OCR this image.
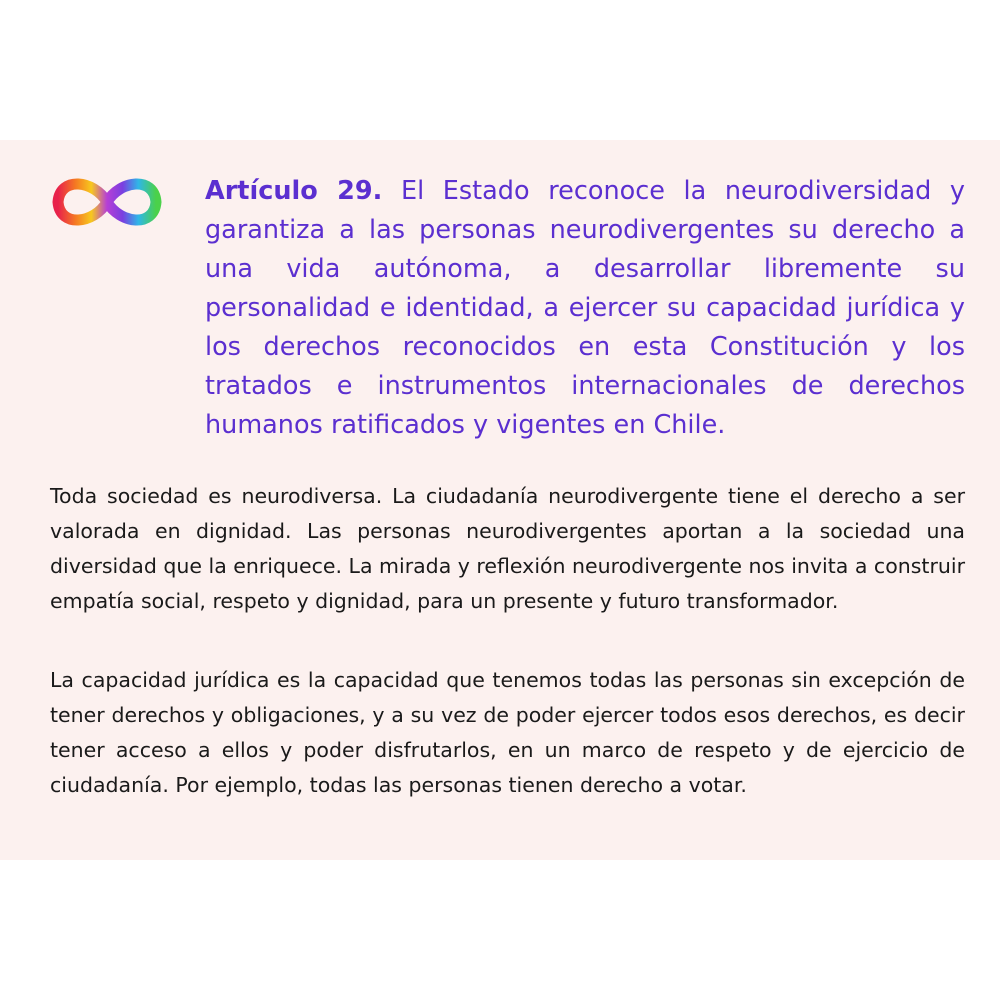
Artículo 29. El Estado reconoce la neurodiversidad y garantiza a las personas neurodivergentes su derecho a una vida autónoma, a desarrollar libremente su personalidad e identidad, a ejercer su capacidad jurídica y los derechos reconocidos en esta Constitución y los tratados e instrumentos internacionales de derechos humanos ratificados y vigentes en Chile.

Toda sociedad es neurodiversa. La ciudadanía neurodivergente tiene el derecho a ser valorada en dignidad. Las personas neurodivergentes aportan a la sociedad una diversidad que la enriquece. La mirada y reflexión neurodivergente nos invita a construir empatía social, respeto y dignidad, para un presente y futuro transformador.

La capacidad jurídica es la capacidad que tenemos todas las personas sin excepción de tener derechos y obligaciones, y a su vez de poder ejercer todos esos derechos, es decir tener acceso a ellos y poder disfrutarlos, en un marco de respeto y de ejercicio de ciudadanía. Por ejemplo, todas las personas tienen derecho a votar.
